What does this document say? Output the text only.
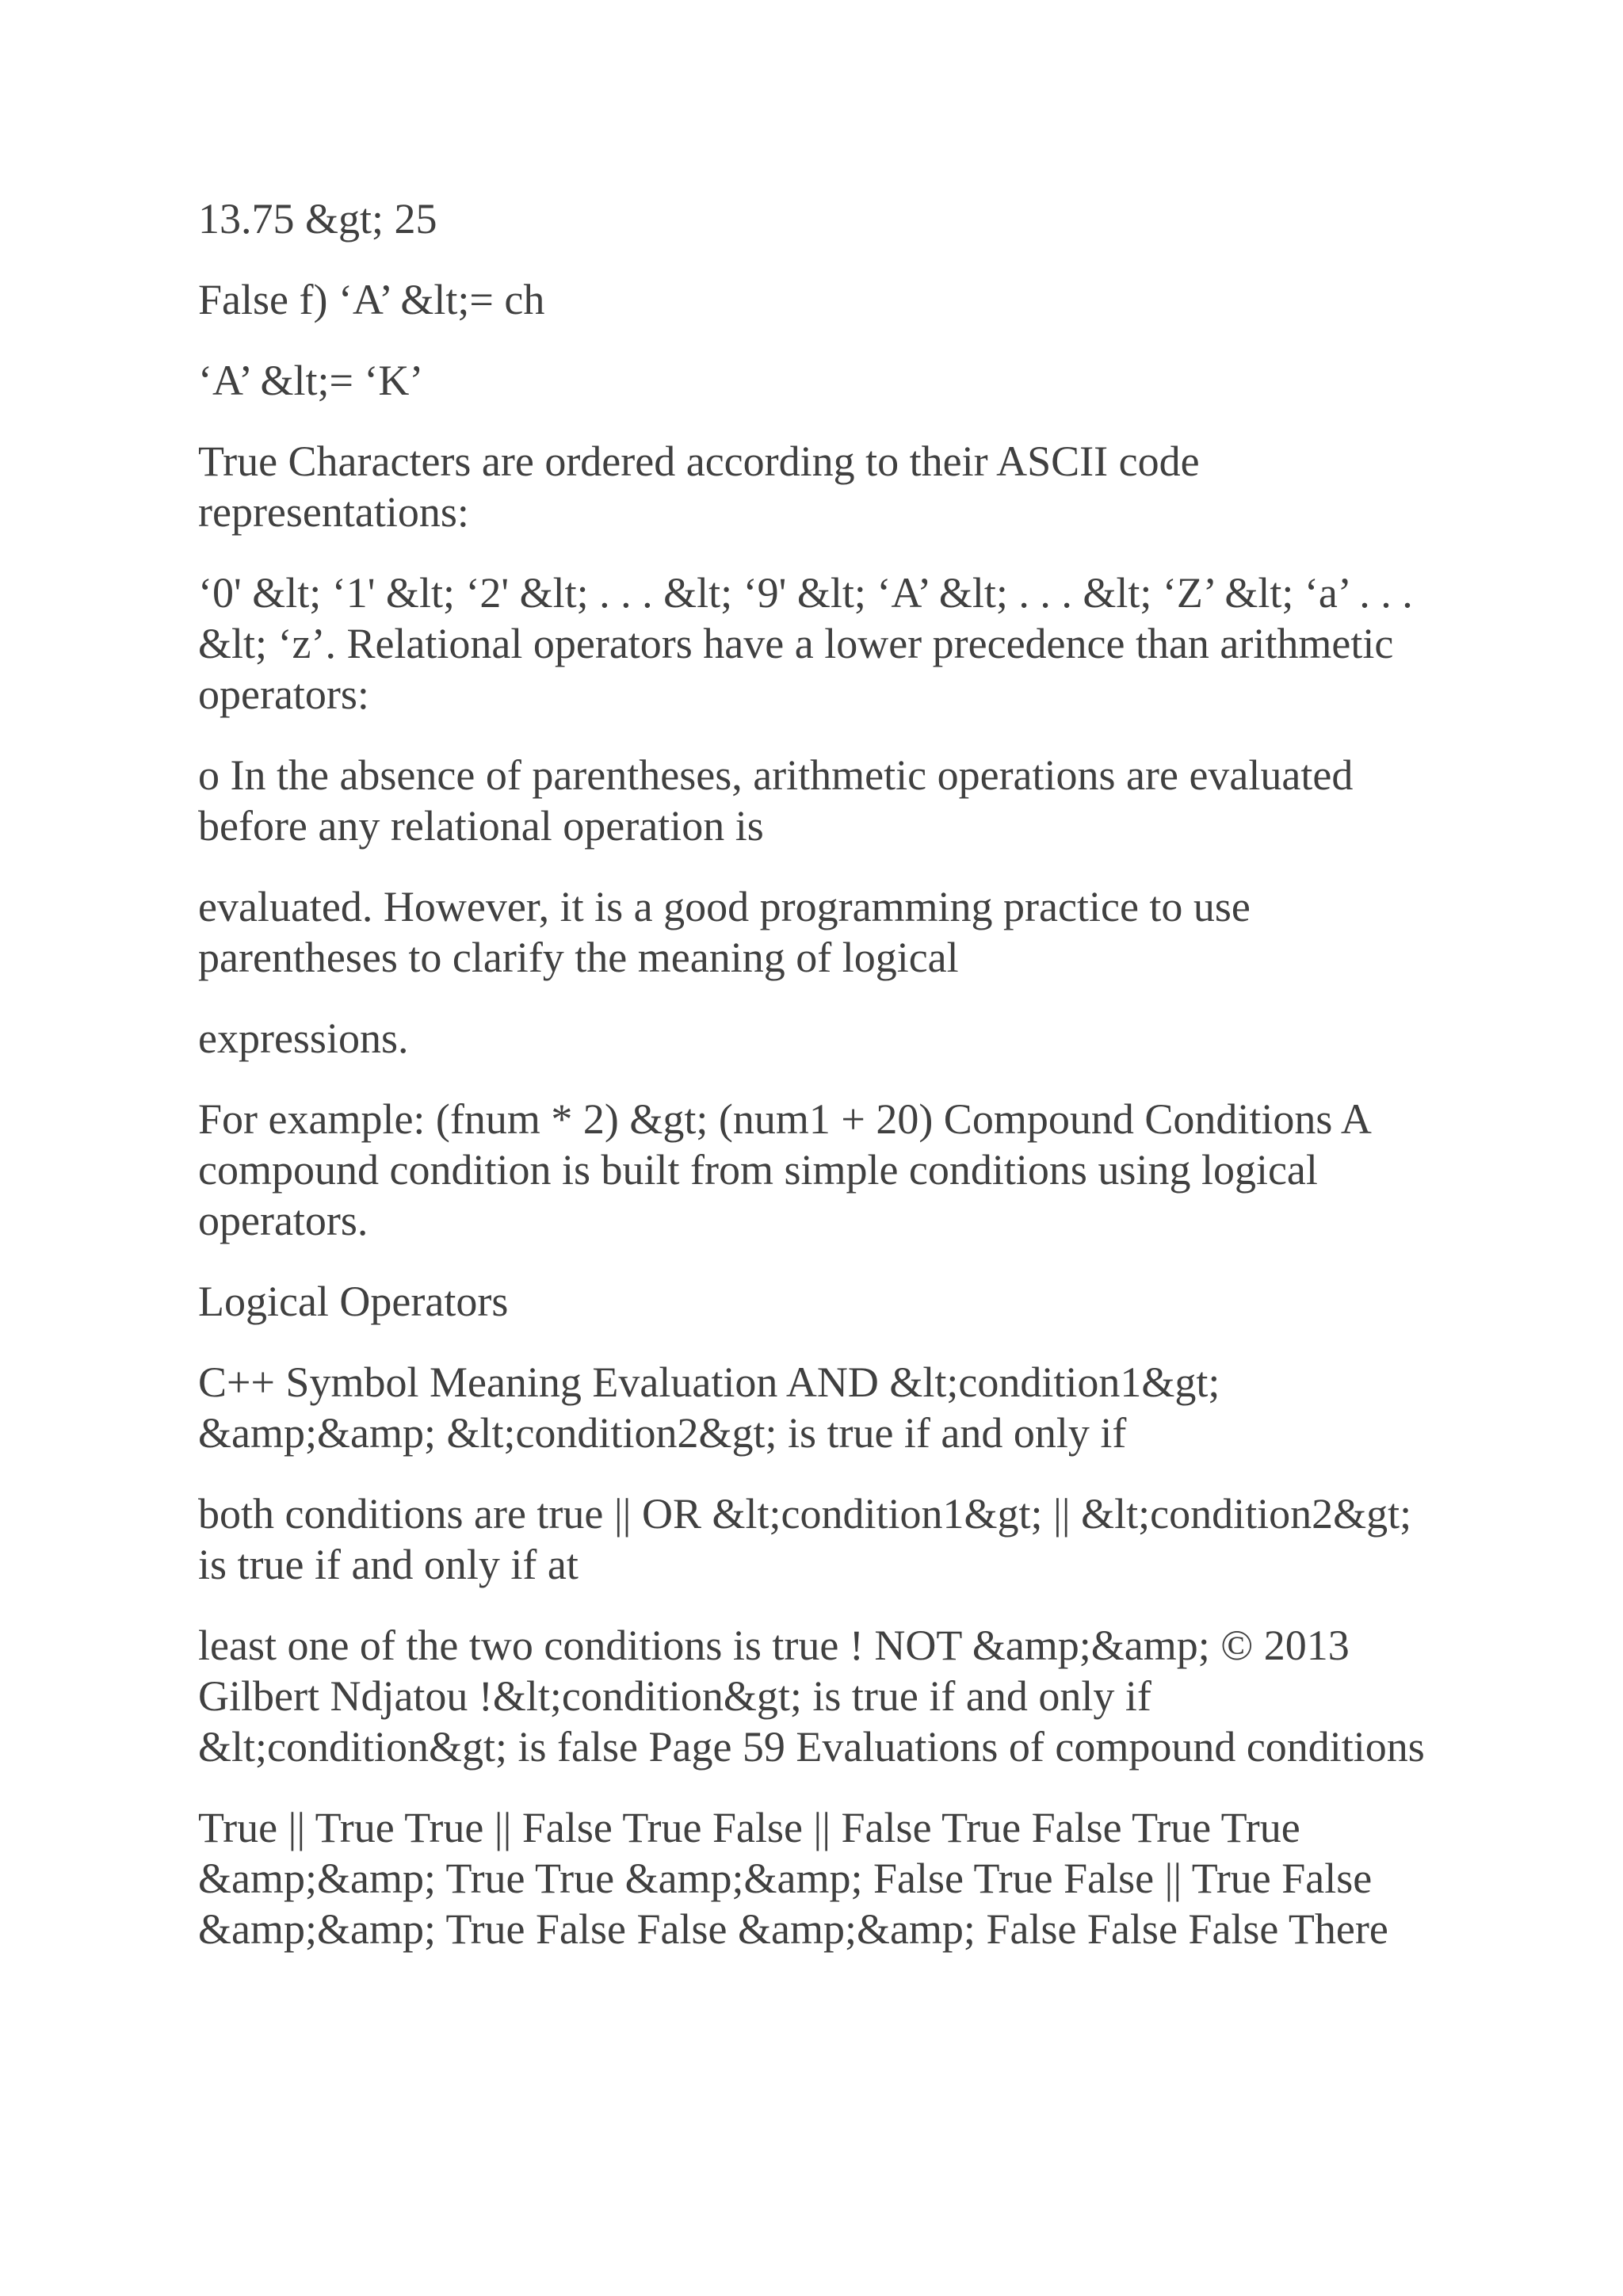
13.75 &gt; 25

False f) ‘A’ &lt;= ch

‘A’ &lt;= ‘K’

True Characters are ordered according to their ASCII code representations:

‘0' &lt; ‘1' &lt; ‘2' &lt; . . . &lt; ‘9' &lt; ‘A’ &lt; . . . &lt; ‘Z’ &lt; ‘a’ . . . &lt; ‘z’. Relational operators have a lower precedence than arithmetic operators:

o In the absence of parentheses, arithmetic operations are evaluated before any relational operation is

evaluated. However, it is a good programming practice to use parentheses to clarify the meaning of logical

expressions.

For example: (fnum * 2) &gt; (num1 + 20) Compound Conditions A compound condition is built from simple conditions using logical operators.

Logical Operators

C++ Symbol Meaning Evaluation AND &lt;condition1&gt; &amp;&amp; &lt;condition2&gt; is true if and only if

both conditions are true || OR &lt;condition1&gt; || &lt;condition2&gt; is true if and only if at

least one of the two conditions is true ! NOT &amp;&amp; © 2013 Gilbert Ndjatou !&lt;condition&gt; is true if and only if &lt;condition&gt; is false Page 59 Evaluations of compound conditions

True || True True || False True False || False True False True True &amp;&amp; True True &amp;&amp; False True False || True False &amp;&amp; True False False &amp;&amp; False False False There
